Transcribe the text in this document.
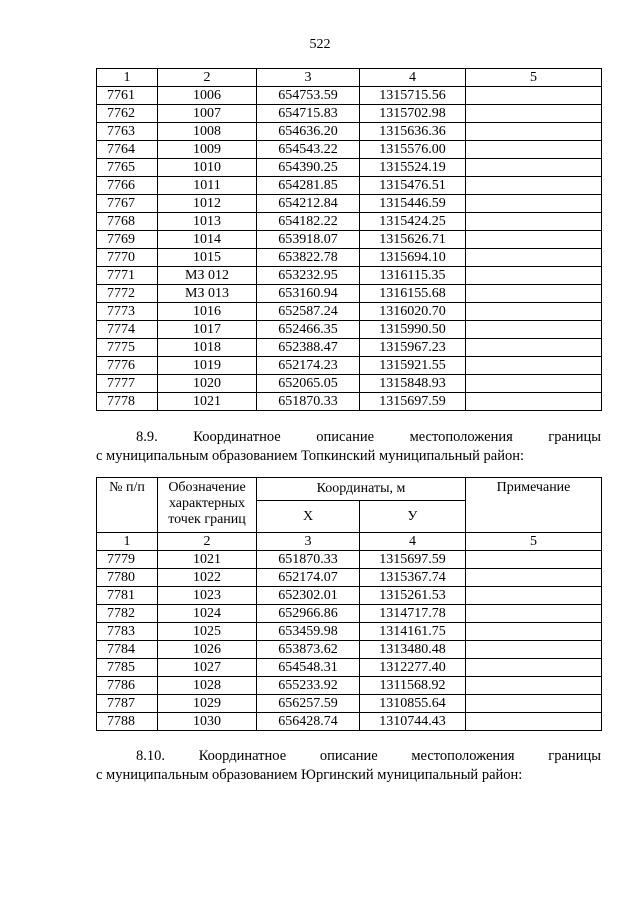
522
1	2	3	4	5
7761	1006	654753.59	1315715.56	
7762	1007	654715.83	1315702.98	
7763	1008	654636.20	1315636.36	
7764	1009	654543.22	1315576.00	
7765	1010	654390.25	1315524.19	
7766	1011	654281.85	1315476.51	
7767	1012	654212.84	1315446.59	
7768	1013	654182.22	1315424.25	
7769	1014	653918.07	1315626.71	
7770	1015	653822.78	1315694.10	
7771	МЗ 012	653232.95	1316115.35	
7772	МЗ 013	653160.94	1316155.68	
7773	1016	652587.24	1316020.70	
7774	1017	652466.35	1315990.50	
7775	1018	652388.47	1315967.23	
7776	1019	652174.23	1315921.55	
7777	1020	652065.05	1315848.93	
7778	1021	651870.33	1315697.59	
8.9. Координатное описание местоположения границы
с муниципальным образованием Топкинский муниципальный район:
№ п/п	Обозначение характерных точек границ	Координаты, м		Примечание
		Х	У	
1	2	3	4	5
7779	1021	651870.33	1315697.59	
7780	1022	652174.07	1315367.74	
7781	1023	652302.01	1315261.53	
7782	1024	652966.86	1314717.78	
7783	1025	653459.98	1314161.75	
7784	1026	653873.62	1313480.48	
7785	1027	654548.31	1312277.40	
7786	1028	655233.92	1311568.92	
7787	1029	656257.59	1310855.64	
7788	1030	656428.74	1310744.43	
8.10. Координатное описание местоположения границы
с муниципальным образованием Юргинский муниципальный район:
